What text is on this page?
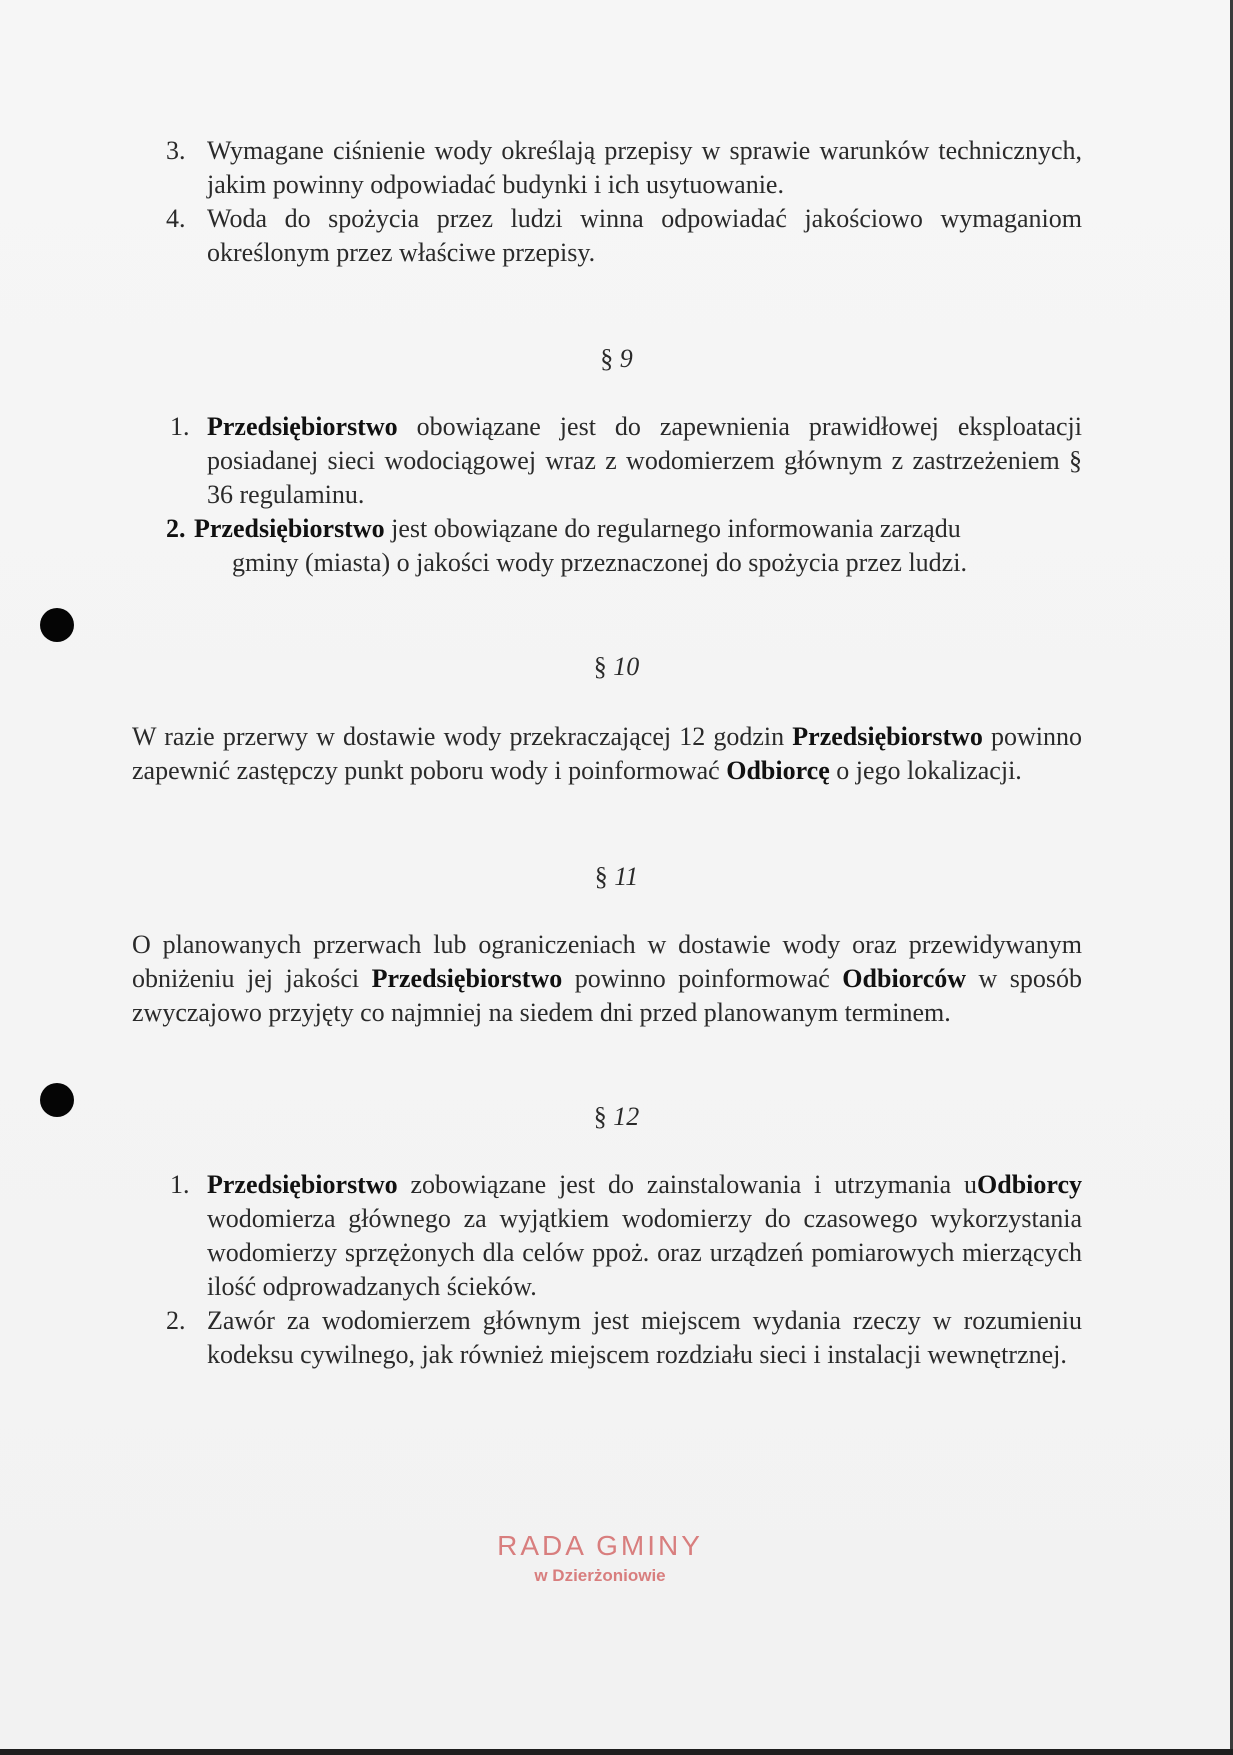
3. Wymagane ciśnienie wody określają przepisy w sprawie warunków technicznych, jakim powinny odpowiadać budynki i ich usytuowanie.
4. Woda do spożycia przez ludzi winna odpowiadać jakościowo wymaganiom określonym przez właściwe przepisy.
§ 9
1. Przedsiębiorstwo obowiązane jest do zapewnienia prawidłowej eksploatacji posiadanej sieci wodociągowej wraz z wodomierzem głównym z zastrzeżeniem § 36 regulaminu.
2. Przedsiębiorstwo jest obowiązane do regularnego informowania zarządu
gminy (miasta) o jakości wody przeznaczonej do spożycia przez ludzi.
§ 10
W razie przerwy w dostawie wody przekraczającej 12 godzin Przedsiębiorstwo powinno zapewnić zastępczy punkt poboru wody i poinformować Odbiorcę o jego lokalizacji.
§ 11
O planowanych przerwach lub ograniczeniach w dostawie wody oraz przewidywanym obniżeniu jej jakości Przedsiębiorstwo powinno poinformować Odbiorców w sposób zwyczajowo przyjęty co najmniej na siedem dni przed planowanym terminem.
§ 12
1. Przedsiębiorstwo zobowiązane jest do zainstalowania i utrzymania uOdbiorcy wodomierza głównego za wyjątkiem wodomierzy do czasowego wykorzystania wodomierzy sprzężonych dla celów ppoż. oraz urządzeń pomiarowych mierzących ilość odprowadzanych ścieków.
2. Zawór za wodomierzem głównym jest miejscem wydania rzeczy w rozumieniu kodeksu cywilnego, jak również miejscem rozdziału sieci i instalacji wewnętrznej.
RADA GMINY
w Dzierżoniowie
